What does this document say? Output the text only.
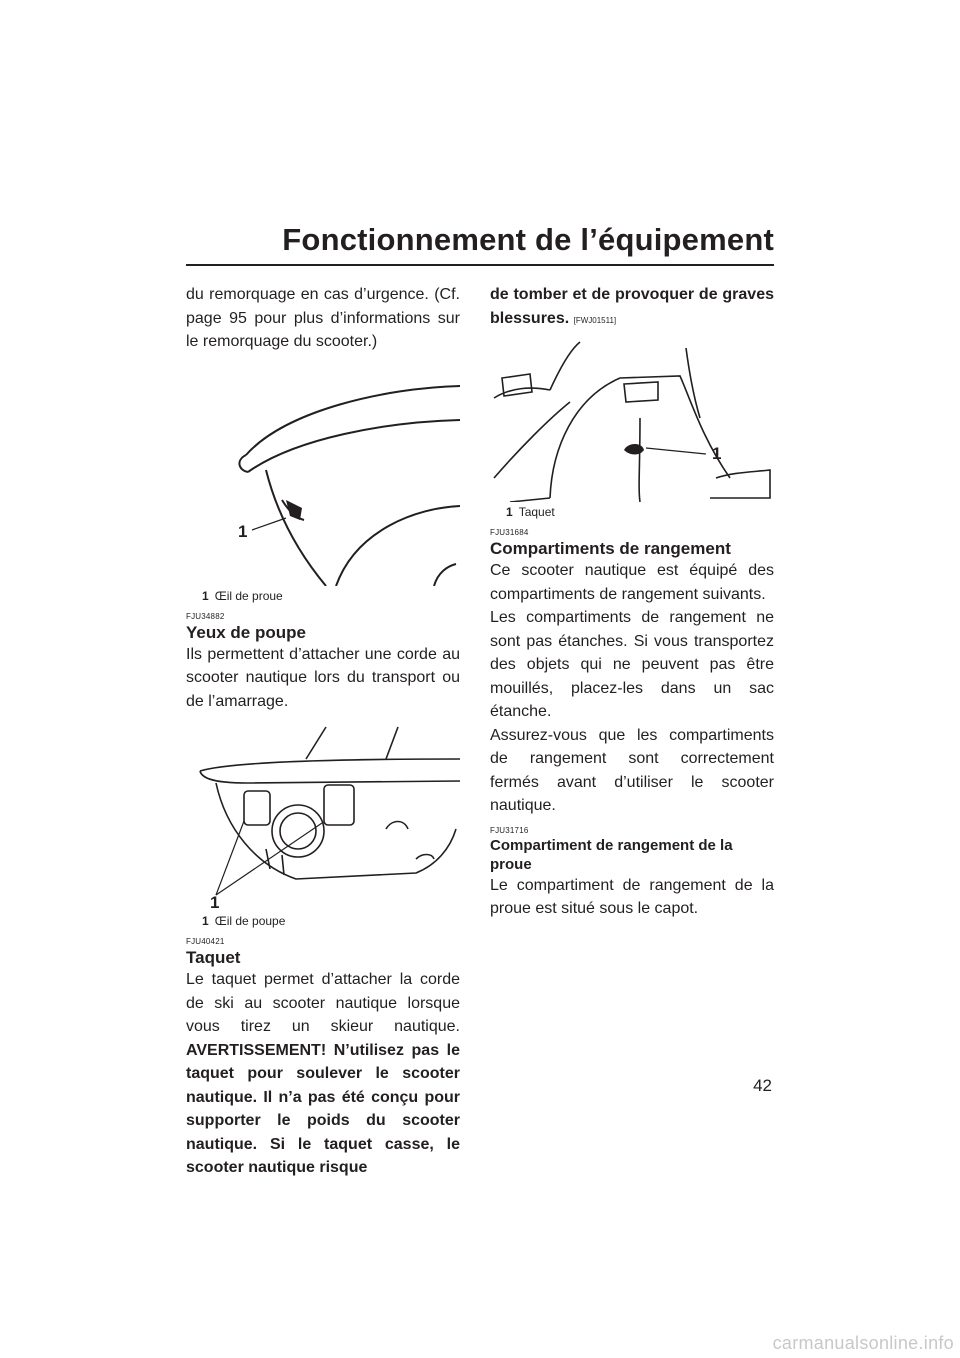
Fonctionnement de l’équipement

du remorquage en cas d’urgence. (Cf. page 95 pour plus d’informations sur le remorquage du scooter.)

1
1 Œil de proue
FJU34882
Yeux de poupe

Ils permettent d’attacher une corde au scooter nautique lors du transport ou de l’amarrage.

1
1 Œil de poupe
FJU40421
Taquet

Le taquet permet d’attacher la corde de ski au scooter nautique lorsque vous tirez un skieur nautique. AVERTISSEMENT! N’utilisez pas le taquet pour soulever le scooter nautique. Il n’a pas été conçu pour supporter le poids du scooter nautique. Si le taquet casse, le scooter nautique risque

de tomber et de provoquer de graves blessures. [FWJ01511]

1
1 Taquet
FJU31684
Compartiments de rangement

Ce scooter nautique est équipé des compartiments de rangement suivants.

Les compartiments de rangement ne sont pas étanches. Si vous transportez des objets qui ne peuvent pas être mouillés, placez-les dans un sac étanche.

Assurez-vous que les compartiments de rangement sont correctement fermés avant d’utiliser le scooter nautique.

FJU31716
Compartiment de rangement de la proue

Le compartiment de rangement de la proue est situé sous le capot.

42
carmanualsonline.info
